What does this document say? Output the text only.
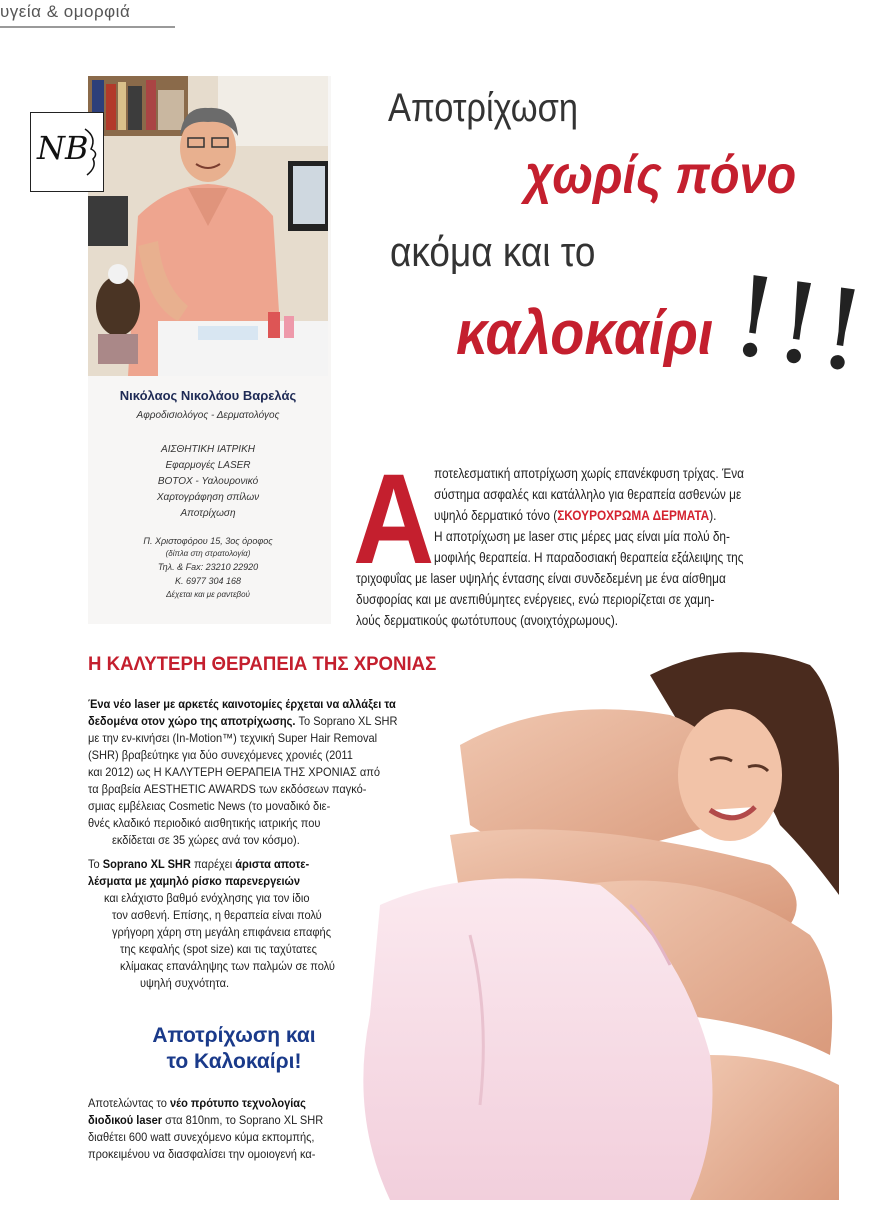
υγεία & ομορφιά
NB
Νικόλαος Νικολάου Βαρελάς
Αφροδισιολόγος - Δερματολόγος
ΑΙΣΘΗΤΙΚΗ ΙΑΤΡΙΚΗ
Εφαρμογές LASER
BOTOX - Υαλουρονικό
Χαρτογράφηση σπίλων
Αποτρίχωση
Π. Χριστοφόρου 15, 3ος όροφος
(δίπλα στη στρατολογία)
Τηλ. & Fax: 23210 22920
Κ. 6977 304 168
Δέχεται και με ραντεβού
Αποτρίχωση
χωρίς πόνο
ακόμα και το
καλοκαίρι !!!
Α ποτελεσματική αποτρίχωση χωρίς επανέκφυση τρίχας. Ένα
σύστημα ασφαλές και κατάλληλο για θεραπεία ασθενών με
υψηλό δερματικό τόνο (ΣΚΟΥΡΟΧΡΩΜΑ ΔΕΡΜΑΤΑ).
Η αποτρίχωση με laser στις μέρες μας είναι μία πολύ δη-
μοφιλής θεραπεία. Η παραδοσιακή θεραπεία εξάλειψης της
τριχοφυΐας με laser υψηλής έντασης είναι συνδεδεμένη με ένα αίσθημα
δυσφορίας και με ανεπιθύμητες ενέργειες, ενώ περιορίζεται σε χαμη-
λούς δερματικούς φωτότυπους (ανοιχτόχρωμους).
Η ΚΑΛΥΤΕΡΗ ΘΕΡΑΠΕΙΑ ΤΗΣ ΧΡΟΝΙΑΣ
Ένα νέο laser με αρκετές καινοτομίες έρχεται να αλλάξει τα
δεδομένα οτον χώρο της αποτρίχωσης. To Soprano XL SHR
με την εν-κινήσει (In-Motion™) τεχνική Super Hair Removal
(SHR) βραβεύτηκε για δύο συνεχόμενες χρονιές (2011
και 2012) ως Η ΚΑΛΥΤΕΡΗ ΘΕΡΑΠΕΙΑ ΤΗΣ ΧΡΟΝΙΑΣ από
τα βραβεία AESTHETIC AWARDS των εκδόσεων παγκό-
σμιας εμβέλειας Cosmetic News (το μοναδικό διε-
θνές κλαδικό περιοδικό αισθητικής ιατρικής που
εκδίδεται σε 35 χώρες ανά τον κόσμο).
Το Soprano XL SHR παρέχει άριστα αποτε-
λέσματα με χαμηλό ρίσκο παρενεργειών
και ελάχιστο βαθμό ενόχλησης για τον ίδιο
τον ασθενή. Επίσης, η θεραπεία είναι πολύ
γρήγορη χάρη στη μεγάλη επιφάνεια επαφής
της κεφαλής (spot size) και τις ταχύτατες
κλίμακας επανάληψης των παλμών σε πολύ
υψηλή συχνότητα.
Αποτρίχωση και
το Καλοκαίρι!
Αποτελώντας το νέο πρότυπο τεχνολογίας
διοδικού laser στα 810nm, το Soprano XL SHR
διαθέτει 600 watt συνεχόμενο κύμα εκπομπής,
προκειμένου να διασφαλίσει την ομοιογενή κα-
